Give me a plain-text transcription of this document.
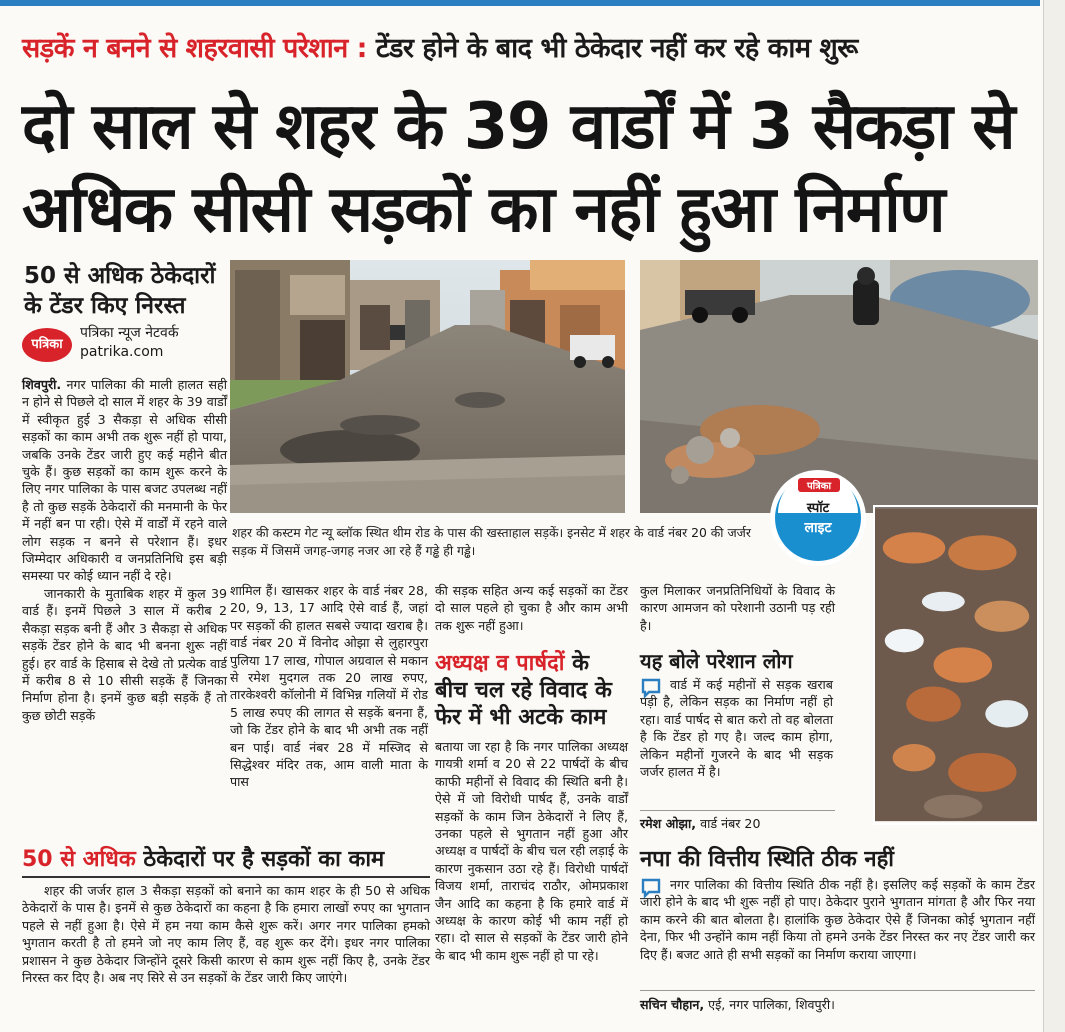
सड़कें न बनने से शहरवासी परेशान : टेंडर होने के बाद भी ठेकेदार नहीं कर रहे काम शुरू
दो साल से शहर के 39 वार्डों में 3 सैकड़ा से
अधिक सीसी सड़कों का नहीं हुआ निर्माण
50 से अधिक ठेकेदारों के टेंडर किए निरस्त
पत्रिका
पत्रिका न्यूज नेटवर्क
patrika.com

शिवपुरी. नगर पालिका की माली हालत सही न होने से पिछले दो साल में शहर के 39 वार्डों में स्वीकृत हुई 3 सैकड़ा से अधिक सीसी सड़कों का काम अभी तक शुरू नहीं हो पाया, जबकि उनके टेंडर जारी हुए कई महीने बीत चुके हैं। कुछ सड़कों का काम शुरू करने के लिए नगर पालिका के पास बजट उपलब्ध नहीं है तो कुछ सड़कें ठेकेदारों की मनमानी के फेर में नहीं बन पा रही। ऐसे में वार्डों में रहने वाले लोग सड़क न बनने से परेशान हैं। इधर जिम्मेदार अधिकारी व जनप्रतिनिधि इस बड़ी समस्या पर कोई ध्यान नहीं दे रहे।

जानकारी के मुताबिक शहर में कुल 39 वार्ड हैं। इनमें पिछले 3 साल में करीब 2 सैकड़ा सड़क बनी हैं और 3 सैकड़ा से अधिक सड़कें टेंडर होने के बाद भी बनना शुरू नहीं हुई। हर वार्ड के हिसाब से देखे तो प्रत्येक वार्ड में करीब 8 से 10 सीसी सड़कें हैं जिनका निर्माण होना है। इनमें कुछ बड़ी सड़कें हैं तो कुछ छोटी सड़कें

शामिल हैं। खासकर शहर के वार्ड नंबर 28, 20, 9, 13, 17 आदि ऐसे वार्ड हैं, जहां पर सड़कों की हालत सबसे ज्यादा खराब है। वार्ड नंबर 20 में विनोद ओझा से लुहारपुरा पुलिया 17 लाख, गोपाल अग्रवाल से मकान से रमेश मुदगल तक 20 लाख रुपए, तारकेश्वरी कॉलोनी में विभिन्न गलियों में रोड 5 लाख रुपए की लागत से सड़कें बनना हैं, जो कि टेंडर होने के बाद भी अभी तक नहीं बन पाई। वार्ड नंबर 28 में मस्जिद से सिद्धेश्वर मंदिर तक, आम वाली माता के पास

की सड़क सहित अन्य कई सड़कों का टेंडर दो साल पहले हो चुका है और काम अभी तक शुरू नहीं हुआ।

अध्यक्ष व पार्षदों के
बीच चल रहे विवाद के फेर में भी अटके काम

बताया जा रहा है कि नगर पालिका अध्यक्ष गायत्री शर्मा व 20 से 22 पार्षदों के बीच काफी महीनों से विवाद की स्थिति बनी है। ऐसे में जो विरोधी पार्षद हैं, उनके वार्डों सड़कों के काम जिन ठेकेदारों ने लिए हैं, उनका पहले से भुगतान नहीं हुआ और अध्यक्ष व पार्षदों के बीच चल रही लड़ाई के कारण नुकसान उठा रहे हैं। विरोधी पार्षदों विजय शर्मा, ताराचंद राठौर, ओमप्रकाश जैन आदि का कहना है कि हमारे वार्ड में अध्यक्ष के कारण कोई भी काम नहीं हो रहा। दो साल से सड़कों के टेंडर जारी होने के बाद भी काम शुरू नहीं हो पा रहे।

कुल मिलाकर जनप्रतिनिधियों के विवाद के कारण आमजन को परेशानी उठानी पड़ रही है।

यह बोले परेशान लोग

वार्ड में कई महीनों से सड़क खराब पड़ी है, लेकिन सड़क का निर्माण नहीं हो रहा। वार्ड पार्षद से बात करो तो वह बोलता है कि टेंडर हो गए है। जल्द काम होगा, लेकिन महीनों गुजरने के बाद भी सड़क जर्जर हालत में है।

रमेश ओझा, वार्ड नंबर 20
50 से अधिक ठेकेदारों पर है सड़कों का काम

शहर की जर्जर हाल 3 सैकड़ा सड़कों को बनाने का काम शहर के ही 50 से अधिक ठेकेदारों के पास है। इनमें से कुछ ठेकेदारों का कहना है कि हमारा लाखों रुपए का भुगतान पहले से नहीं हुआ है। ऐसे में हम नया काम कैसे शुरू करें। अगर नगर पालिका हमको भुगतान करती है तो हमने जो नए काम लिए हैं, वह शुरू कर देंगे। इधर नगर पालिका प्रशासन ने कुछ ठेकेदार जिन्होंने दूसरे किसी कारण से काम शुरू नहीं किए है, उनके टेंडर निरस्त कर दिए है। अब नए सिरे से उन सड़कों के टेंडर जारी किए जाएंगे।

नपा की वित्तीय स्थिति ठीक नहीं

नगर पालिका की वित्तीय स्थिति ठीक नहीं है। इसलिए कई सड़कों के काम टेंडर जारी होने के बाद भी शुरू नहीं हो पाए। ठेकेदार पुराने भुगतान मांगता है और फिर नया काम करने की बात बोलता है। हालांकि कुछ ठेकेदार ऐसे हैं जिनका कोई भुगतान नहीं देना, फिर भी उन्होंने काम नहीं किया तो हमने उनके टेंडर निरस्त कर नए टेंडर जारी कर दिए हैं। बजट आते ही सभी सड़कों का निर्माण कराया जाएगा।

सचिन चौहान, एई, नगर पालिका, शिवपुरी।
शहर की कस्टम गेट न्यू ब्लॉक स्थित थीम रोड के पास की खस्ताहाल सड़कें। इनसेट में शहर के वार्ड नंबर 20 की जर्जर सड़क में जिसमें जगह-जगह नजर आ रहे हैं गड्ढे ही गड्ढे।
पत्रिका
स्पॉट
लाइट
